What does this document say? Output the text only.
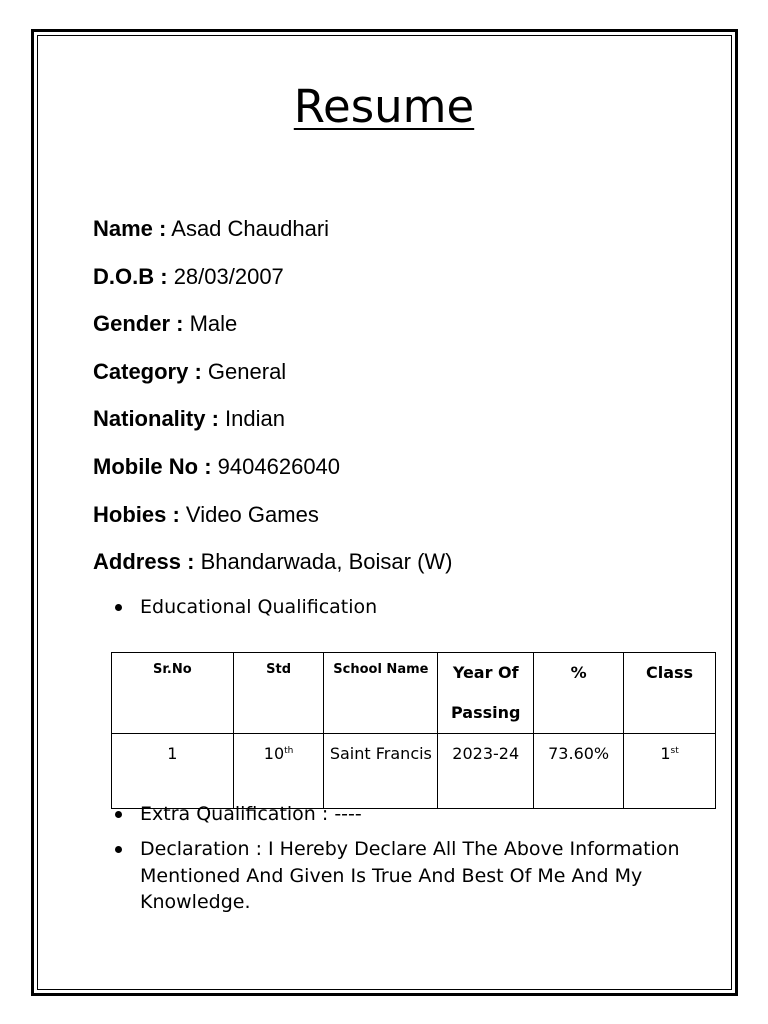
Resume
Name : Asad Chaudhari
D.O.B : 28/03/2007
Gender : Male
Category : General
Nationality : Indian
Mobile No : 9404626040
Hobies : Video Games
Address : Bhandarwada, Boisar (W)
Educational Qualification
Sr.No	Std	School Name	Year Of Passing	%	Class
1	10th	Saint Francis	2023-24	73.60%	1st
Extra Qualification : ----
Declaration : I Hereby Declare All The Above Information Mentioned And Given Is True And Best Of Me And My Knowledge.
